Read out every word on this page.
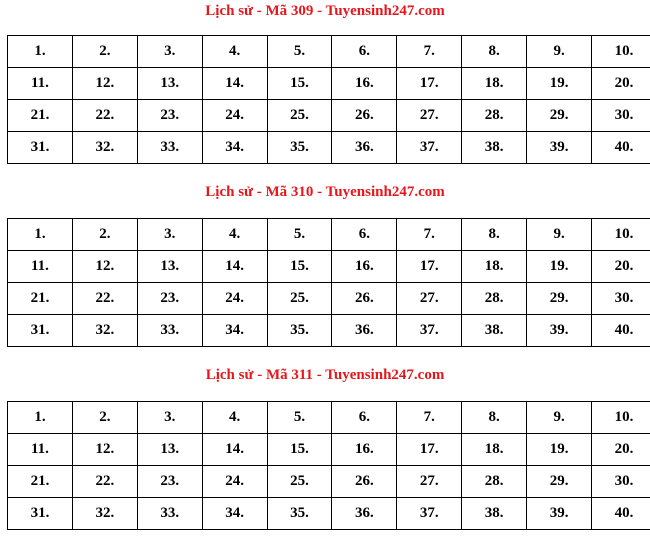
Lịch sử - Mã 309 - Tuyensinh247.com
1.	2.	3.	4.	5.	6.	7.	8.	9.	10.
11.	12.	13.	14.	15.	16.	17.	18.	19.	20.
21.	22.	23.	24.	25.	26.	27.	28.	29.	30.
31.	32.	33.	34.	35.	36.	37.	38.	39.	40.
Lịch sử - Mã 310 - Tuyensinh247.com
1.	2.	3.	4.	5.	6.	7.	8.	9.	10.
11.	12.	13.	14.	15.	16.	17.	18.	19.	20.
21.	22.	23.	24.	25.	26.	27.	28.	29.	30.
31.	32.	33.	34.	35.	36.	37.	38.	39.	40.
Lịch sử - Mã 311 - Tuyensinh247.com
1.	2.	3.	4.	5.	6.	7.	8.	9.	10.
11.	12.	13.	14.	15.	16.	17.	18.	19.	20.
21.	22.	23.	24.	25.	26.	27.	28.	29.	30.
31.	32.	33.	34.	35.	36.	37.	38.	39.	40.
